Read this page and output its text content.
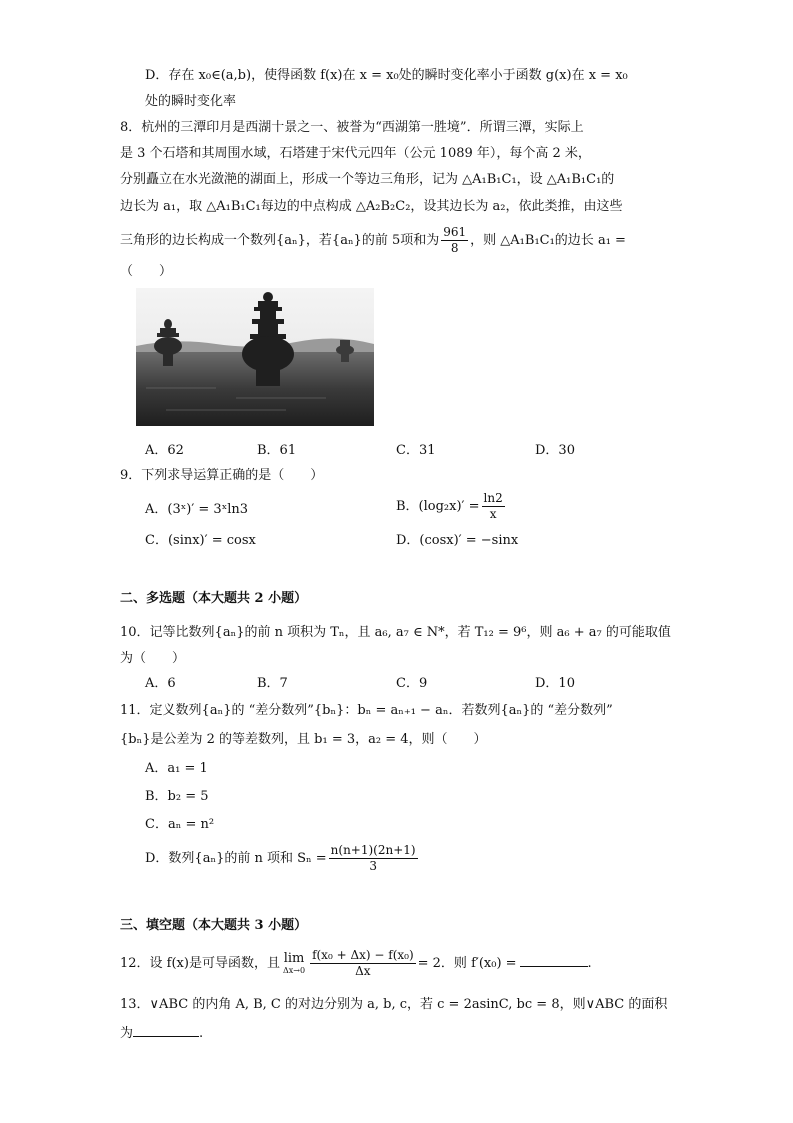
D．存在 x₀∈(a,b)，使得函数 f(x)在 x = x₀处的瞬时变化率小于函数 g(x)在 x = x₀
处的瞬时变化率
8．杭州的三潭印月是西湖十景之一、被誉为“西湖第一胜境”．所谓三潭，实际上
是 3 个石塔和其周围水域，石塔建于宋代元四年（公元 1089 年），每个高 2 米，
分别矗立在水光潋滟的湖面上，形成一个等边三角形，记为 △A₁B₁C₁，设 △A₁B₁C₁的
边长为 a₁，取 △A₁B₁C₁每边的中点构成 △A₂B₂C₂，设其边长为 a₂，依此类推，由这些
三角形的边长构成一个数列{aₙ}，若{aₙ}的前 5项和为 $\frac{961}{8}$ ，则 △A₁B₁C₁的边长 a₁ =
（　　）
A．62	B．61	C．31	D．30
9．下列求导运算正确的是（　　）
A．(3ˣ)′ = 3ˣln3	B．$(\log_2x)' = \frac{\ln 2}{x}$
C．(sinx)′ = cosx	D．(cosx)′ = −sinx
二、多选题（本大题共 2 小题）
10．记等比数列{aₙ}的前 n 项积为 Tₙ，且 a₆, a₇ ∈ N*，若 T₁₂ = 9⁶，则 a₆ + a₇ 的可能取值
为（　　）
A．6	B．7	C．9	D．10
11．定义数列{aₙ}的 “差分数列”{bₙ}：bₙ = aₙ₊₁ − aₙ．若数列{aₙ}的 “差分数列”
{bₙ}是公差为 2 的等差数列，且 b₁ = 3，a₂ = 4，则（　　）
A．a₁ = 1
B．b₂ = 5
C．aₙ = n²
D．数列{aₙ}的前 n 项和 $S_n = \frac{n(n+1)(2n+1)}{3}$
三、填空题（本大题共 3 小题）
12．设 f(x)是可导函数，且 lim
$\Delta x\to 0 \frac{\text{f(x₀ + Δx) − f(x₀)}}{\Delta x} = 2$．则 f′(x₀) =	.
13．∨ABC 的内角 A, B, C 的对边分别为 a, b, c，若 c = 2asinC, bc = 8，则∨ABC 的面积
为	.
